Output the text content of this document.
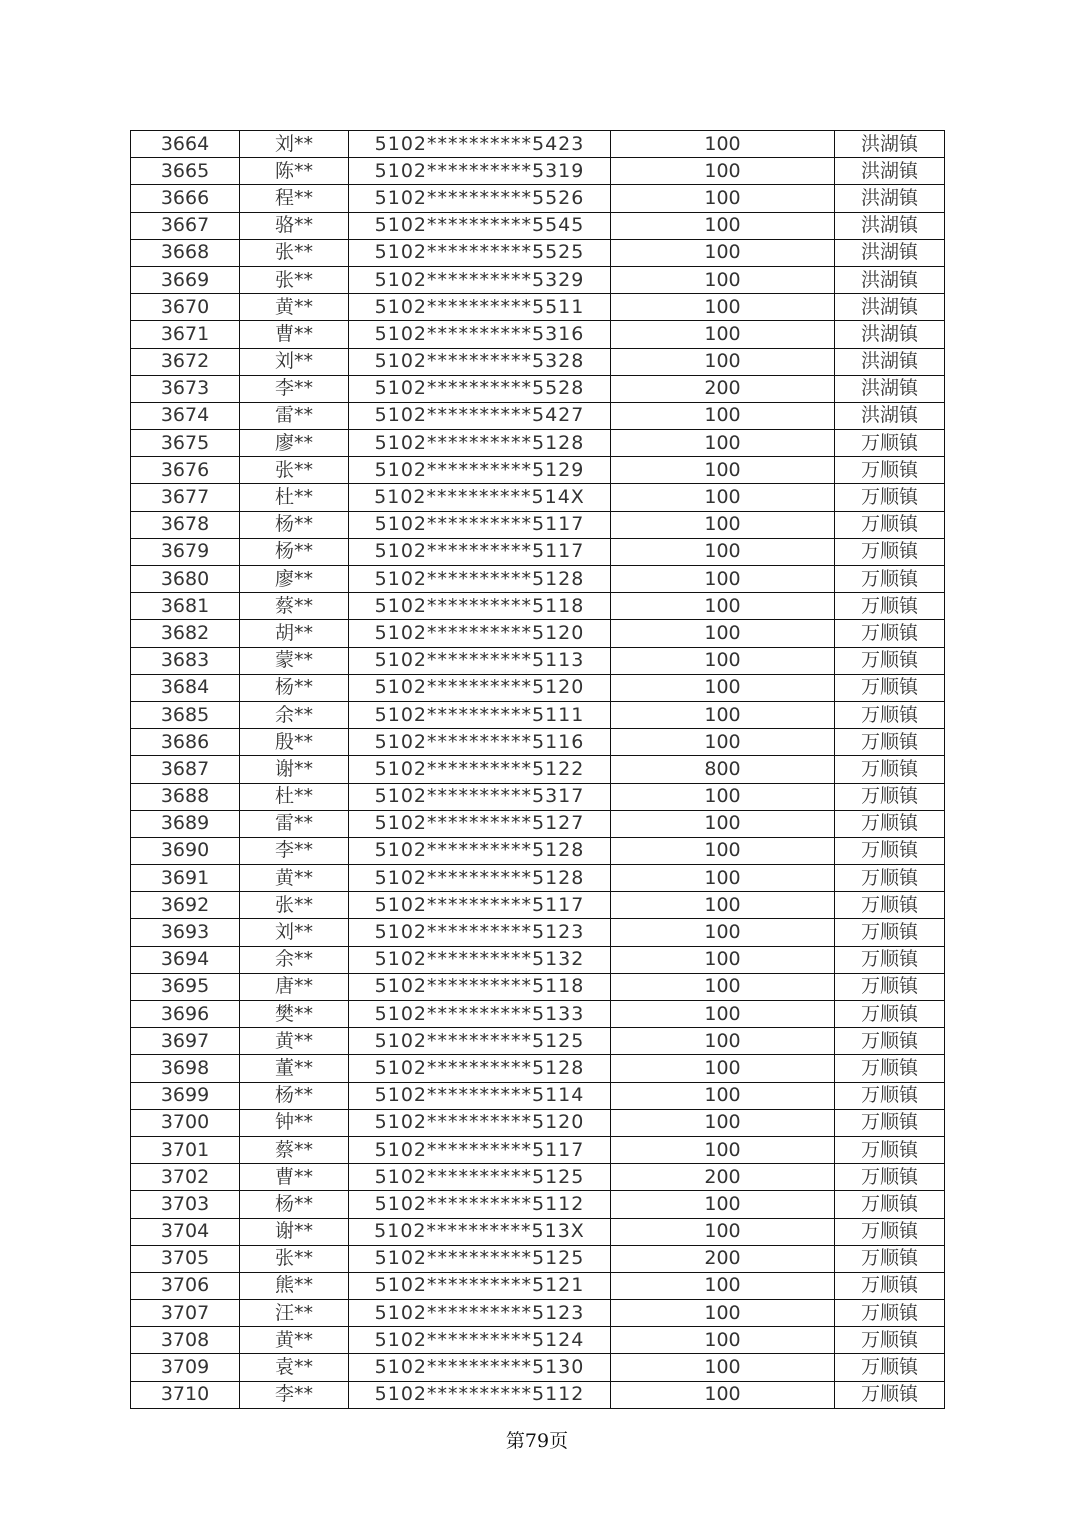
3664	刘**	5102**********5423	100	洪湖镇
3665	陈**	5102**********5319	100	洪湖镇
3666	程**	5102**********5526	100	洪湖镇
3667	骆**	5102**********5545	100	洪湖镇
3668	张**	5102**********5525	100	洪湖镇
3669	张**	5102**********5329	100	洪湖镇
3670	黄**	5102**********5511	100	洪湖镇
3671	曹**	5102**********5316	100	洪湖镇
3672	刘**	5102**********5328	100	洪湖镇
3673	李**	5102**********5528	200	洪湖镇
3674	雷**	5102**********5427	100	洪湖镇
3675	廖**	5102**********5128	100	万顺镇
3676	张**	5102**********5129	100	万顺镇
3677	杜**	5102**********514X	100	万顺镇
3678	杨**	5102**********5117	100	万顺镇
3679	杨**	5102**********5117	100	万顺镇
3680	廖**	5102**********5128	100	万顺镇
3681	蔡**	5102**********5118	100	万顺镇
3682	胡**	5102**********5120	100	万顺镇
3683	蒙**	5102**********5113	100	万顺镇
3684	杨**	5102**********5120	100	万顺镇
3685	余**	5102**********5111	100	万顺镇
3686	殷**	5102**********5116	100	万顺镇
3687	谢**	5102**********5122	800	万顺镇
3688	杜**	5102**********5317	100	万顺镇
3689	雷**	5102**********5127	100	万顺镇
3690	李**	5102**********5128	100	万顺镇
3691	黄**	5102**********5128	100	万顺镇
3692	张**	5102**********5117	100	万顺镇
3693	刘**	5102**********5123	100	万顺镇
3694	余**	5102**********5132	100	万顺镇
3695	唐**	5102**********5118	100	万顺镇
3696	樊**	5102**********5133	100	万顺镇
3697	黄**	5102**********5125	100	万顺镇
3698	董**	5102**********5128	100	万顺镇
3699	杨**	5102**********5114	100	万顺镇
3700	钟**	5102**********5120	100	万顺镇
3701	蔡**	5102**********5117	100	万顺镇
3702	曹**	5102**********5125	200	万顺镇
3703	杨**	5102**********5112	100	万顺镇
3704	谢**	5102**********513X	100	万顺镇
3705	张**	5102**********5125	200	万顺镇
3706	熊**	5102**********5121	100	万顺镇
3707	汪**	5102**********5123	100	万顺镇
3708	黄**	5102**********5124	100	万顺镇
3709	袁**	5102**********5130	100	万顺镇
3710	李**	5102**********5112	100	万顺镇
第79页
